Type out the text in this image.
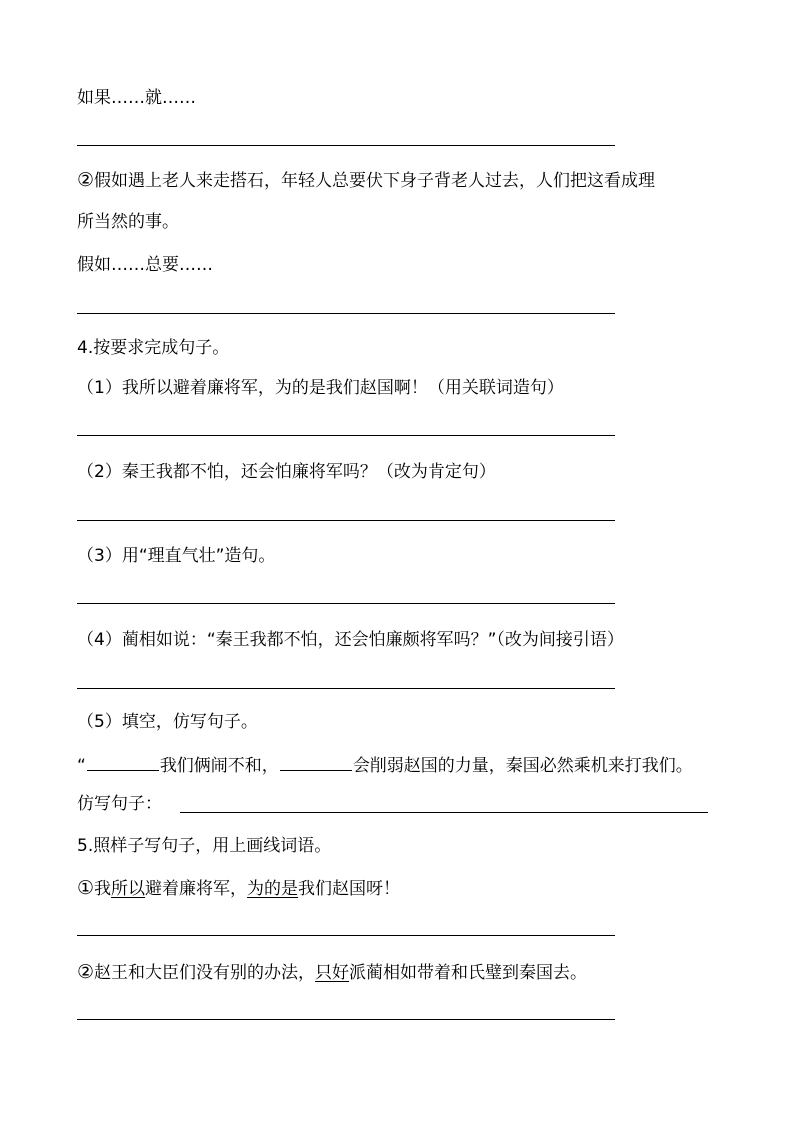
如果……就……
②假如遇上老人来走搭石，年轻人总要伏下身子背老人过去，人们把这看成理
所当然的事。
假如……总要……
4.按要求完成句子。
（1）我所以避着廉将军，为的是我们赵国啊！（用关联词造句）
（2）秦王我都不怕，还会怕廉将军吗？（改为肯定句）
（3）用“理直气壮”造句。
（4）蔺相如说：“秦王我都不怕，还会怕廉颇将军吗？”（改为间接引语）
（5）填空，仿写句子。
“	我们俩闹不和，	会削弱赵国的力量，秦国必然乘机来打我们。
仿写句子：
5.照样子写句子，用上画线词语。
①我所以避着廉将军，为的是我们赵国呀！
②赵王和大臣们没有别的办法，只好派蔺相如带着和氏璧到秦国去。
